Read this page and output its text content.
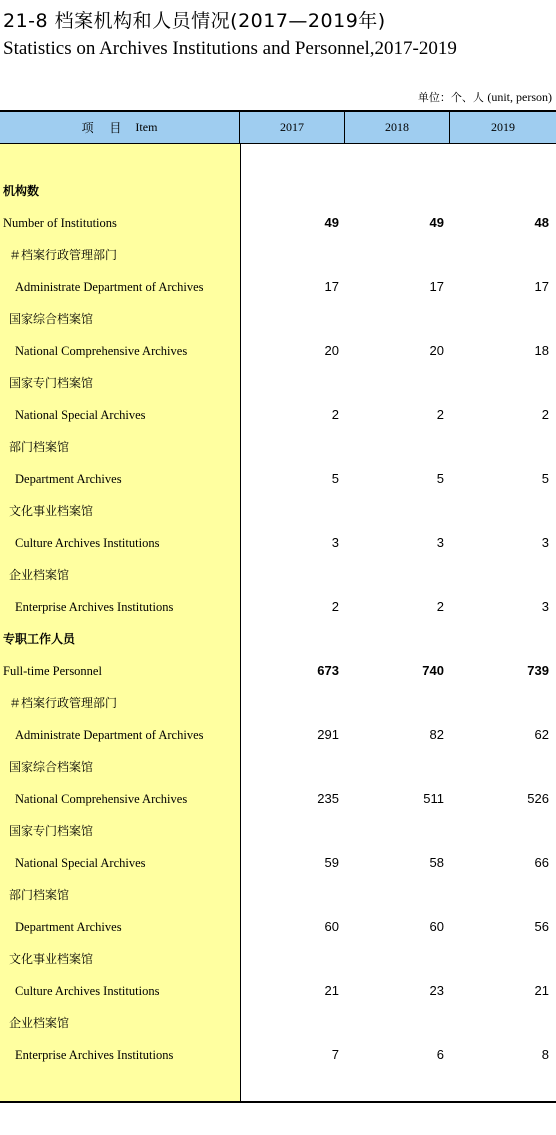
21-8 档案机构和人员情况(2017—2019年)
Statistics on Archives Institutions and Personnel,2017-2019
单位：个、人 (unit, person)
项 目 Item	2017	2018	2019
机构数
Number of Institutions	49	49	48
＃档案行政管理部门
Administrate Department of Archives	17	17	17
国家综合档案馆
National Comprehensive Archives	20	20	18
国家专门档案馆
National Special Archives	2	2	2
部门档案馆
Department Archives	5	5	5
文化事业档案馆
Culture Archives Institutions	3	3	3
企业档案馆
Enterprise Archives Institutions	2	2	3
专职工作人员
Full-time Personnel	673	740	739
＃档案行政管理部门
Administrate Department of Archives	291	82	62
国家综合档案馆
National Comprehensive Archives	235	511	526
国家专门档案馆
National Special Archives	59	58	66
部门档案馆
Department Archives	60	60	56
文化事业档案馆
Culture Archives Institutions	21	23	21
企业档案馆
Enterprise Archives Institutions	7	6	8
